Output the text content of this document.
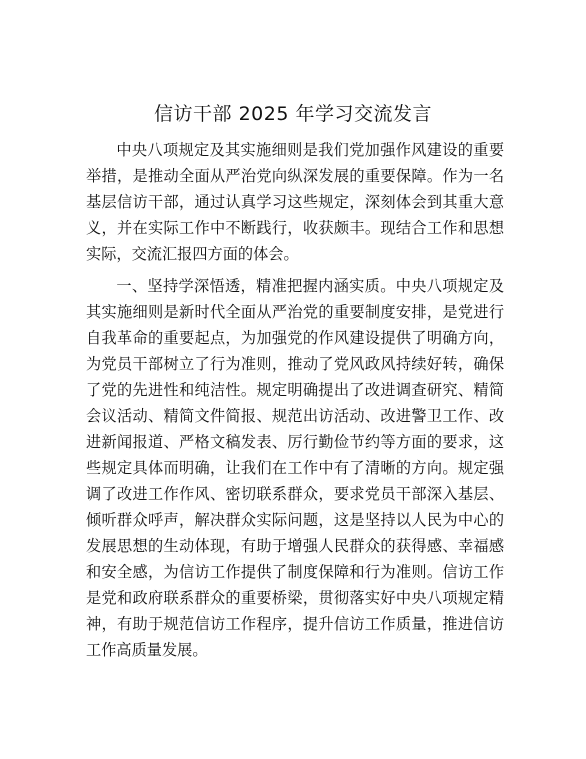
信访干部 2025 年学习交流发言

中央八项规定及其实施细则是我们党加强作风建设的重要举措，是推动全面从严治党向纵深发展的重要保障。作为一名基层信访干部，通过认真学习这些规定，深刻体会到其重大意义，并在实际工作中不断践行，收获颇丰。现结合工作和思想实际，交流汇报四方面的体会。

一、坚持学深悟透，精准把握内涵实质。中央八项规定及其实施细则是新时代全面从严治党的重要制度安排，是党进行自我革命的重要起点，为加强党的作风建设提供了明确方向，为党员干部树立了行为准则，推动了党风政风持续好转，确保了党的先进性和纯洁性。规定明确提出了改进调查研究、精简会议活动、精简文件简报、规范出访活动、改进警卫工作、改进新闻报道、严格文稿发表、厉行勤俭节约等方面的要求，这些规定具体而明确，让我们在工作中有了清晰的方向。规定强调了改进工作作风、密切联系群众，要求党员干部深入基层、倾听群众呼声，解决群众实际问题，这是坚持以人民为中心的发展思想的生动体现，有助于增强人民群众的获得感、幸福感和安全感，为信访工作提供了制度保障和行为准则。信访工作是党和政府联系群众的重要桥梁，贯彻落实好中央八项规定精神，有助于规范信访工作程序，提升信访工作质量，推进信访工作高质量发展。
